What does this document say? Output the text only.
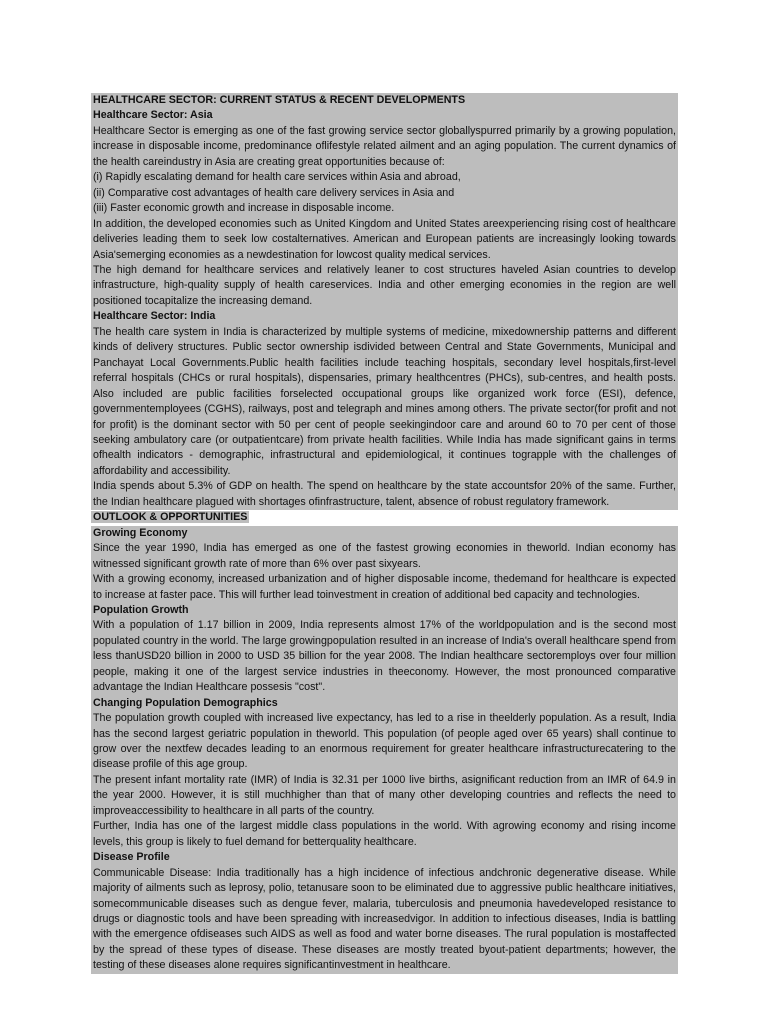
HEALTHCARE SECTOR: CURRENT STATUS & RECENT DEVELOPMENTS
Healthcare Sector: Asia
Healthcare Sector is emerging as one of the fast growing service sector globallyspurred primarily by a growing population, increase in disposable income, predominance oflifestyle related ailment and an aging population. The current dynamics of the health careindustry in Asia are creating great opportunities because of:
(i) Rapidly escalating demand for health care services within Asia and abroad,
(ii) Comparative cost advantages of health care delivery services in Asia and
(iii) Faster economic growth and increase in disposable income.
In addition, the developed economies such as United Kingdom and United States areexperiencing rising cost of healthcare deliveries leading them to seek low costalternatives. American and European patients are increasingly looking towards Asia'semerging economies as a newdestination for lowcost quality medical services.
The high demand for healthcare services and relatively leaner to cost structures haveled Asian countries to develop infrastructure, high-quality supply of health careservices. India and other emerging economies in the region are well positioned tocapitalize the increasing demand.
Healthcare Sector: India
The health care system in India is characterized by multiple systems of medicine, mixedownership patterns and different kinds of delivery structures. Public sector ownership isdivided between Central and State Governments, Municipal and Panchayat Local Governments.Public health facilities include teaching hospitals, secondary level hospitals,first-level referral hospitals (CHCs or rural hospitals), dispensaries, primary healthcentres (PHCs), sub-centres, and health posts. Also included are public facilities forselected occupational groups like organized work force (ESI), defence, governmentemployees (CGHS), railways, post and telegraph and mines among others. The private sector(for profit and not for profit) is the dominant sector with 50 per cent of people seekingindoor care and around 60 to 70 per cent of those seeking ambulatory care (or outpatientcare) from private health facilities. While India has made significant gains in terms ofhealth indicators - demographic, infrastructural and epidemiological, it continues tograpple with the challenges of affordability and accessibility.
India spends about 5.3% of GDP on health. The spend on healthcare by the state accountsfor 20% of the same. Further, the Indian healthcare plagued with shortages ofinfrastructure, talent, absence of robust regulatory framework.
OUTLOOK & OPPORTUNITIES
Growing Economy
Since the year 1990, India has emerged as one of the fastest growing economies in theworld. Indian economy has witnessed significant growth rate of more than 6% over past sixyears.
With a growing economy, increased urbanization and of higher disposable income, thedemand for healthcare is expected to increase at faster pace. This will further lead toinvestment in creation of additional bed capacity and technologies.
Population Growth
With a population of 1.17 billion in 2009, India represents almost 17% of the worldpopulation and is the second most populated country in the world. The large growingpopulation resulted in an increase of India's overall healthcare spend from less thanUSD20 billion in 2000 to USD 35 billion for the year 2008. The Indian healthcare sectoremploys over four million people, making it one of the largest service industries in theeconomy. However, the most pronounced comparative advantage the Indian Healthcare possesis "cost".
Changing Population Demographics
The population growth coupled with increased live expectancy, has led to a rise in theelderly population. As a result, India has the second largest geriatric population in theworld. This population (of people aged over 65 years) shall continue to grow over the nextfew decades leading to an enormous requirement for greater healthcare infrastructurecatering to the disease profile of this age group.
The present infant mortality rate (IMR) of India is 32.31 per 1000 live births, asignificant reduction from an IMR of 64.9 in the year 2000. However, it is still muchhigher than that of many other developing countries and reflects the need to improveaccessibility to healthcare in all parts of the country.
Further, India has one of the largest middle class populations in the world. With agrowing economy and rising income levels, this group is likely to fuel demand for betterquality healthcare.
Disease Profile
Communicable Disease: India traditionally has a high incidence of infectious andchronic degenerative disease. While majority of ailments such as leprosy, polio, tetanusare soon to be eliminated due to aggressive public healthcare initiatives, somecommunicable diseases such as dengue fever, malaria, tuberculosis and pneumonia havedeveloped resistance to drugs or diagnostic tools and have been spreading with increasedvigor. In addition to infectious diseases, India is battling with the emergence ofdiseases such AIDS as well as food and water borne diseases. The rural population is mostaffected by the spread of these types of disease. These diseases are mostly treated byout-patient departments; however, the testing of these diseases alone requires significantinvestment in healthcare.
